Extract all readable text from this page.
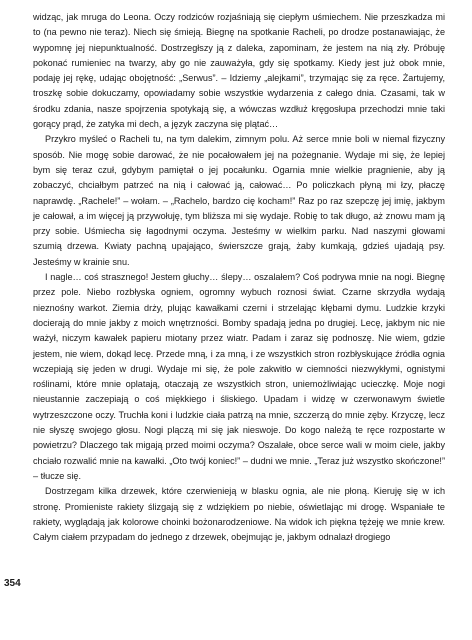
widząc, jak mruga do Leona. Oczy rodziców rozjaśniają się ciepłym uśmiechem. Nie przeszkadza mi to (na pewno nie teraz). Niech się śmieją. Biegnę na spotkanie Racheli, po drodze postanawiając, że wypomnę jej niepunktualność. Dostrzegłszy ją z daleka, zapominam, że jestem na nią zły. Próbuję pokonać rumieniec na twarzy, aby go nie zauważyła, gdy się spotkamy. Kiedy jest już obok mnie, podaję jej rękę, udając obojętność: „Serwus”. – Idziemy „alejkami”, trzymając się za ręce. Żartujemy, troszkę sobie dokuczamy, opowiadamy sobie wszystkie wydarzenia z całego dnia. Czasami, tak w środku zdania, nasze spojrzenia spotykają się, a wówczas wzdłuż kręgosłupa przechodzi mnie taki gorący prąd, że zatyka mi dech, a język zaczyna się plątać…

Przykro myśleć o Racheli tu, na tym dalekim, zimnym polu. Aż serce mnie boli w niemal fizyczny sposób. Nie mogę sobie darować, że nie pocałowałem jej na pożegnanie. Wydaje mi się, że lepiej bym się teraz czuł, gdybym pamiętał o jej pocałunku. Ogarnia mnie wielkie pragnienie, aby ją zobaczyć, chciałbym patrzeć na nią i całować ją, całować… Po policzkach płyną mi łzy, płaczę naprawdę. „Rachele!” – wołam. – „Rachelo, bardzo cię kocham!” Raz po raz szepczę jej imię, jakbym je całował, a im więcej ją przywołuję, tym bliższa mi się wydaje. Robię to tak długo, aż znowu mam ją przy sobie. Uśmiecha się łagodnymi oczyma. Jesteśmy w wielkim parku. Nad naszymi głowami szumią drzewa. Kwiaty pachną upajająco, świerszcze grają, żaby kumkają, gdzieś ujadają psy. Jesteśmy w krainie snu.

I nagle… coś strasznego! Jestem głuchy… ślepy… oszalałem? Coś podrywa mnie na nogi. Biegnę przez pole. Niebo rozbłyska ogniem, ogromny wybuch roznosi świat. Czarne skrzydła wydają nieznośny warkot. Ziemia drży, plując kawałkami czerni i strzelając kłębami dymu. Ludzkie krzyki docierają do mnie jakby z moich wnętrzności. Bomby spadają jedna po drugiej. Lecę, jakbym nic nie ważył, niczym kawałek papieru miotany przez wiatr. Padam i zaraz się podnoszę. Nie wiem, gdzie jestem, nie wiem, dokąd lecę. Przede mną, i za mną, i ze wszystkich stron rozbłyskujące źródła ognia wczepiają się jeden w drugi. Wydaje mi się, że pole zakwitło w ciemności niezwykłymi, ognistymi roślinami, które mnie oplatają, otaczają ze wszystkich stron, uniemożliwiając ucieczkę. Moje nogi nieustannie zaczepiają o coś miękkiego i śliskiego. Upadam i widzę w czerwonawym świetle wytrzeszczone oczy. Truchła koni i ludzkie ciała patrzą na mnie, szczerzą do mnie zęby. Krzyczę, lecz nie słyszę swojego głosu. Nogi plączą mi się jak nieswoje. Do kogo należą te ręce rozpostarte w powietrzu? Dlaczego tak migają przed moimi oczyma? Oszalałe, obce serce wali w moim ciele, jakby chciało rozwalić mnie na kawałki. „Oto twój koniec!” – dudni we mnie. „Teraz już wszystko skończone!” – tłucze się.

Dostrzegam kilka drzewek, które czerwienieją w blasku ognia, ale nie płoną. Kieruję się w ich stronę. Promieniste rakiety ślizgają się z wdziękiem po niebie, oświetlając mi drogę. Wspaniałe te rakiety, wyglądają jak kolorowe choinki bożonarodzeniowe. Na widok ich piękna tężeję we mnie krew. Całym ciałem przypadam do jednego z drzewek, obejmując je, jakbym odnalazł drogiego

354
